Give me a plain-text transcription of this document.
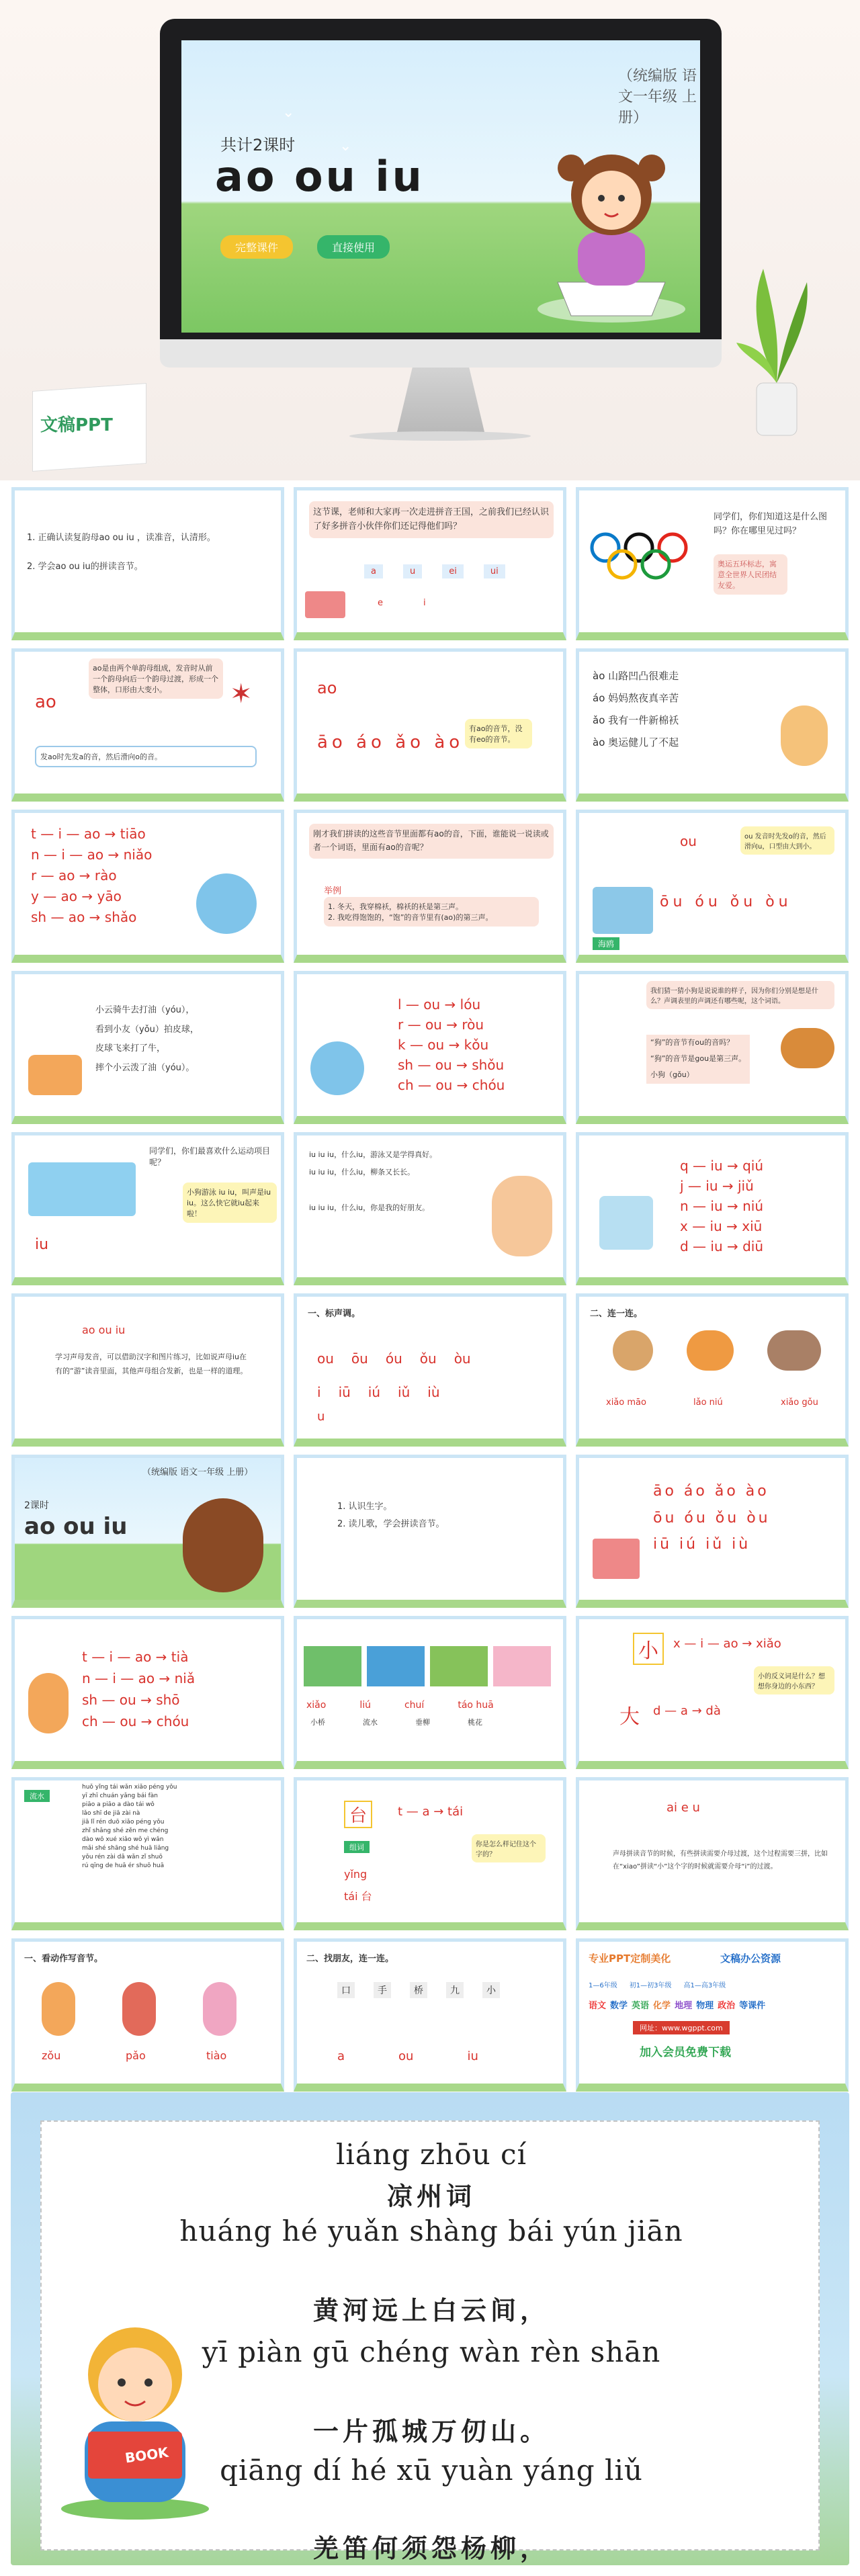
（统编版 语文一年级 上册）
共计2课时
ao ou iu
完整课件	直接使用
⌄
⌄
文稿PPT
1. 正确认读复韵母ao ou iu ，读准音，认清形。

2. 学会ao ou iu的拼读音节。
这节课，老师和大家再一次走进拼音王国，之前我们已经认识了好多拼音小伙伴你们还记得他们吗？
a	u	ei	ui
e	i
同学们，你们知道这是什么图吗？你在哪里见过吗？
奥运五环标志，寓意全世界人民团结友爱。
ao是由两个单韵母组成，发音时从前一个韵母向后一个韵母过渡，形成一个整体，口形由大变小。
ao
发ao时先发a的音，然后滑向o的音。
✶	ao
āo áo ǎo ào
有ao的音节，没有eo的音节。
ào 山路凹凸很难走
áo 妈妈熬夜真辛苦
ǎo 我有一件新棉袄
ào 奥运健儿了不起
t — i — ao → tiāo
n — i — ao → niǎo
r — ao → rào
y — ao → yāo
sh — ao → shǎo
刚才我们拼读的这些音节里面都有ao的音，下面，谁能说一说读或者一个词语，里面有ao的音呢？
举例
1. 冬天，我穿棉袄，棉袄的袄是第三声。
2. 我吃得饱饱的，“饱”的音节里有(ao)的第三声。
ou	ou 发音时先发o的音，然后滑向u，口型由大到小。
ōu óu ǒu òu
海鸥
小云骑牛去打油（yóu），
看到小友（yǒu）拍皮球，
皮球飞来打了牛，
摔个小云泼了油（yóu）。
l — ou → lóu
r — ou → ròu
k — ou → kǒu
sh — ou → shǒu
ch — ou → chóu
我们猜一猜小狗是说说谁的样子，因为你们分别是想是什么？声调表里的声调还有哪些呢，这个词语。
“狗”的音节有ou的音吗？
“狗”的音节是gou是第三声。
小狗（gǒu）
同学们，你们最喜欢什么运动项目呢？
小狗游泳 iu iu，叫声是iu iu。这么快它就iu起来啦！
iu
iu iu iu，什么iu，游泳又是学得真好。
iu iu iu，什么iu，柳条又长长。

iu iu iu，什么iu，你是我的好朋友。
q — iu → qiú
j — iu → jiǔ
n — iu → niú
x — iu → xiū
d — iu → diū
ao ou iu
学习声母发音，可以借助汉字和图片练习，比如说声母iu在有的“游”读音里面，其他声母组合发新，也是一样的道理。
一、标声调。
ou ōu óu ǒu òu
i iū iú iǔ iù
u
二、连一连。
xiǎo māo	lǎo niú	xiǎo gǒu
（统编版 语文一年级 上册）
2课时
ao ou iu
1. 认识生字。
2. 读儿歌，学会拼读音节。
āo áo ǎo ào
ōu óu ǒu òu
iū iú iǔ iù
t — i — ao → tià
n — i — ao → niǎ
sh — ou → shō
ch — ou → chóu
xiǎo	liú	chuí	táo huā
小桥	流水	垂柳	桃花
小	x — i — ao → xiǎo
大 d — a → dà
小的反义词是什么？想想你身边的小东西？
流水
huǒ yǐng tái wǎn xiǎo péng yǒu
yī zhī chuán yǎng bái fàn
piāo a piāo a dào tái wǒ
lǎo shī de jiā zài nà
jiā lǐ rén duō xiǎo péng yǒu
zhǐ shǎng shé zěn me chéng
dào wǒ xué xiǎo wǒ yì wǎn
mǎi shé shāng shé huā liǎng
yǒu rén zài dǎ wǎn zǐ shuō
rú qīng de huā ér shuō huā
台	t — a → tái
组词
yǐng
tái 台
你是怎么样记住这个字的？
ai e u
声母拼读音节的时候，有些拼读需要介母过渡，这个过程需要三拼，比如在“xiao”拼读“小”这个字的时候就需要介母“i”的过渡。
一、看动作写音节。
zǒu	pǎo	tiào
二、找朋友，连一连。
口	手	桥	九	小
a	ou	iu
专业PPT定制美化	文稿办公资源
1—6年级 初1—初3年级 高1—高3年级
语文 数学 英语 化学 地理 物理 政治 等课件
网址：www.wgppt.com
加入会员免费下载
liáng zhōu cí
凉州词
huáng hé yuǎn shàng bái yún jiān
黄河远上白云间，
yī piàn gū chéng wàn rèn shān
一片孤城万仞山。
qiāng dí hé xū yuàn yáng liǔ
羌笛何须怨杨柳，
BOOK
